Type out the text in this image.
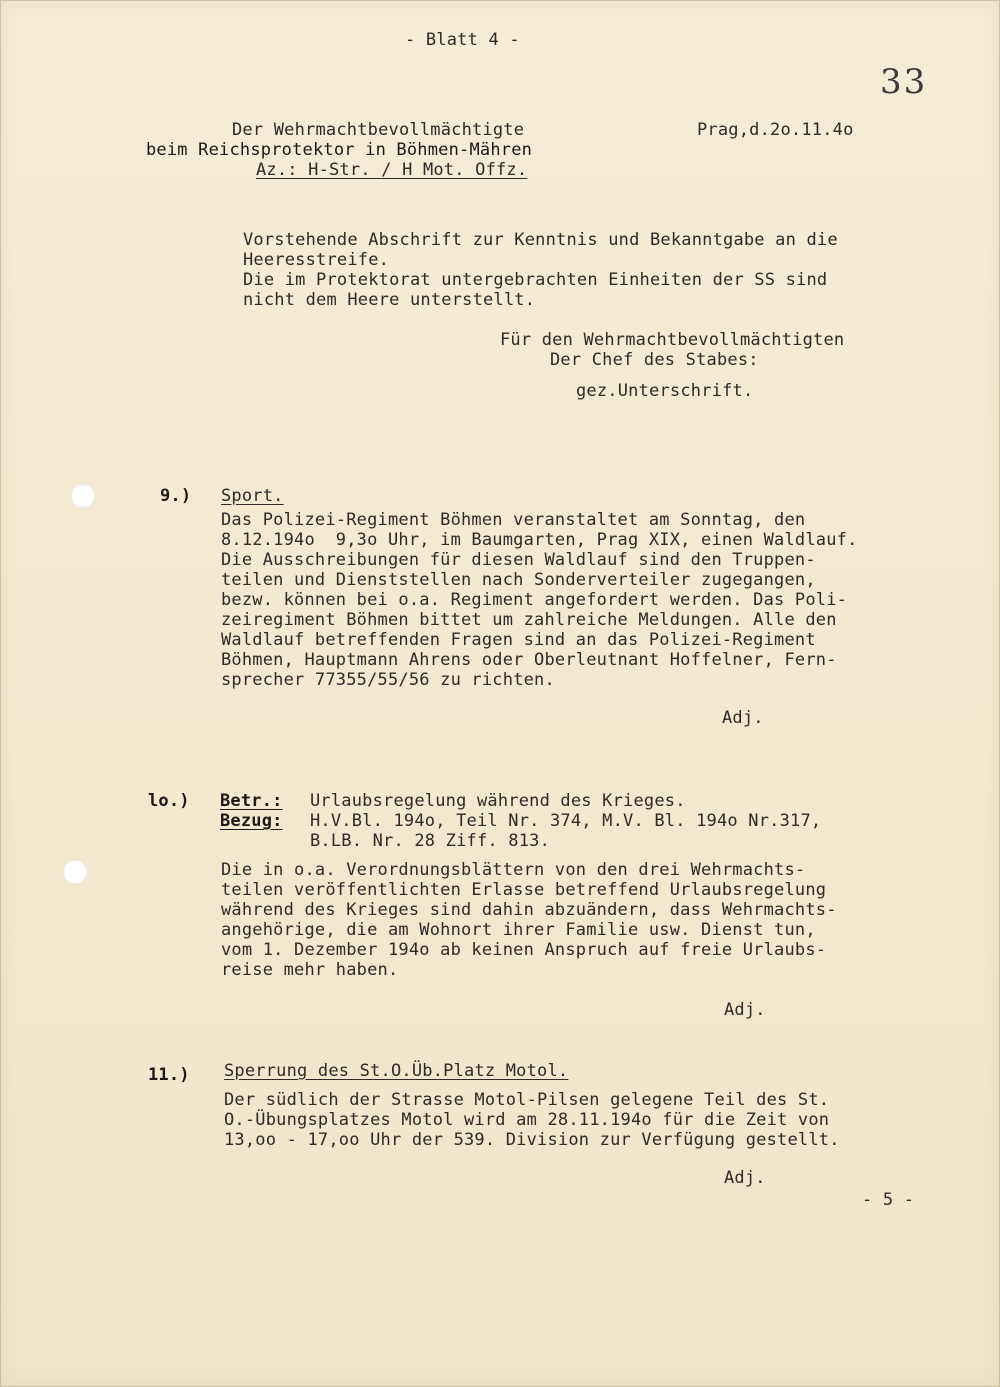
- Blatt 4 -
33
Der Wehrmachtbevollmächtigte
beim Reichsprotektor in Böhmen-Mähren
Az.: H-Str. / H Mot. Offz.
Prag,d.2o.11.4o
Vorstehende Abschrift zur Kenntnis und Bekanntgabe an die
Heeresstreife.
Die im Protektorat untergebrachten Einheiten der SS sind
nicht dem Heere unterstellt.
Für den Wehrmachtbevollmächtigten
Der Chef des Stabes:
gez.Unterschrift.
9.) Sport.
Das Polizei-Regiment Böhmen veranstaltet am Sonntag, den
8.12.194o  9,3o Uhr, im Baumgarten, Prag XIX, einen Waldlauf.
Die Ausschreibungen für diesen Waldlauf sind den Truppen-
teilen und Dienststellen nach Sonderverteiler zugegangen,
bezw. können bei o.a. Regiment angefordert werden. Das Poli-
zeiregiment Böhmen bittet um zahlreiche Meldungen. Alle den
Waldlauf betreffenden Fragen sind an das Polizei-Regiment
Böhmen, Hauptmann Ahrens oder Oberleutnant Hoffelner, Fern-
sprecher 77355/55/56 zu richten.
Adj.
lo.) Betr.: Urlaubsregelung während des Krieges.
Bezug: H.V.Bl. 194o, Teil Nr. 374, M.V. Bl. 194o Nr.317,
B.LB. Nr. 28 Ziff. 813.
Die in o.a. Verordnungsblättern von den drei Wehrmachts-
teilen veröffentlichten Erlasse betreffend Urlaubsregelung
während des Krieges sind dahin abzuändern, dass Wehrmachts-
angehörige, die am Wohnort ihrer Familie usw. Dienst tun,
vom 1. Dezember 194o ab keinen Anspruch auf freie Urlaubs-
reise mehr haben.
Adj.
11.) Sperrung des St.O.Üb.Platz Motol.
Der südlich der Strasse Motol-Pilsen gelegene Teil des St.
O.-Übungsplatzes Motol wird am 28.11.194o für die Zeit von
13,oo - 17,oo Uhr der 539. Division zur Verfügung gestellt.
Adj.
- 5 -
